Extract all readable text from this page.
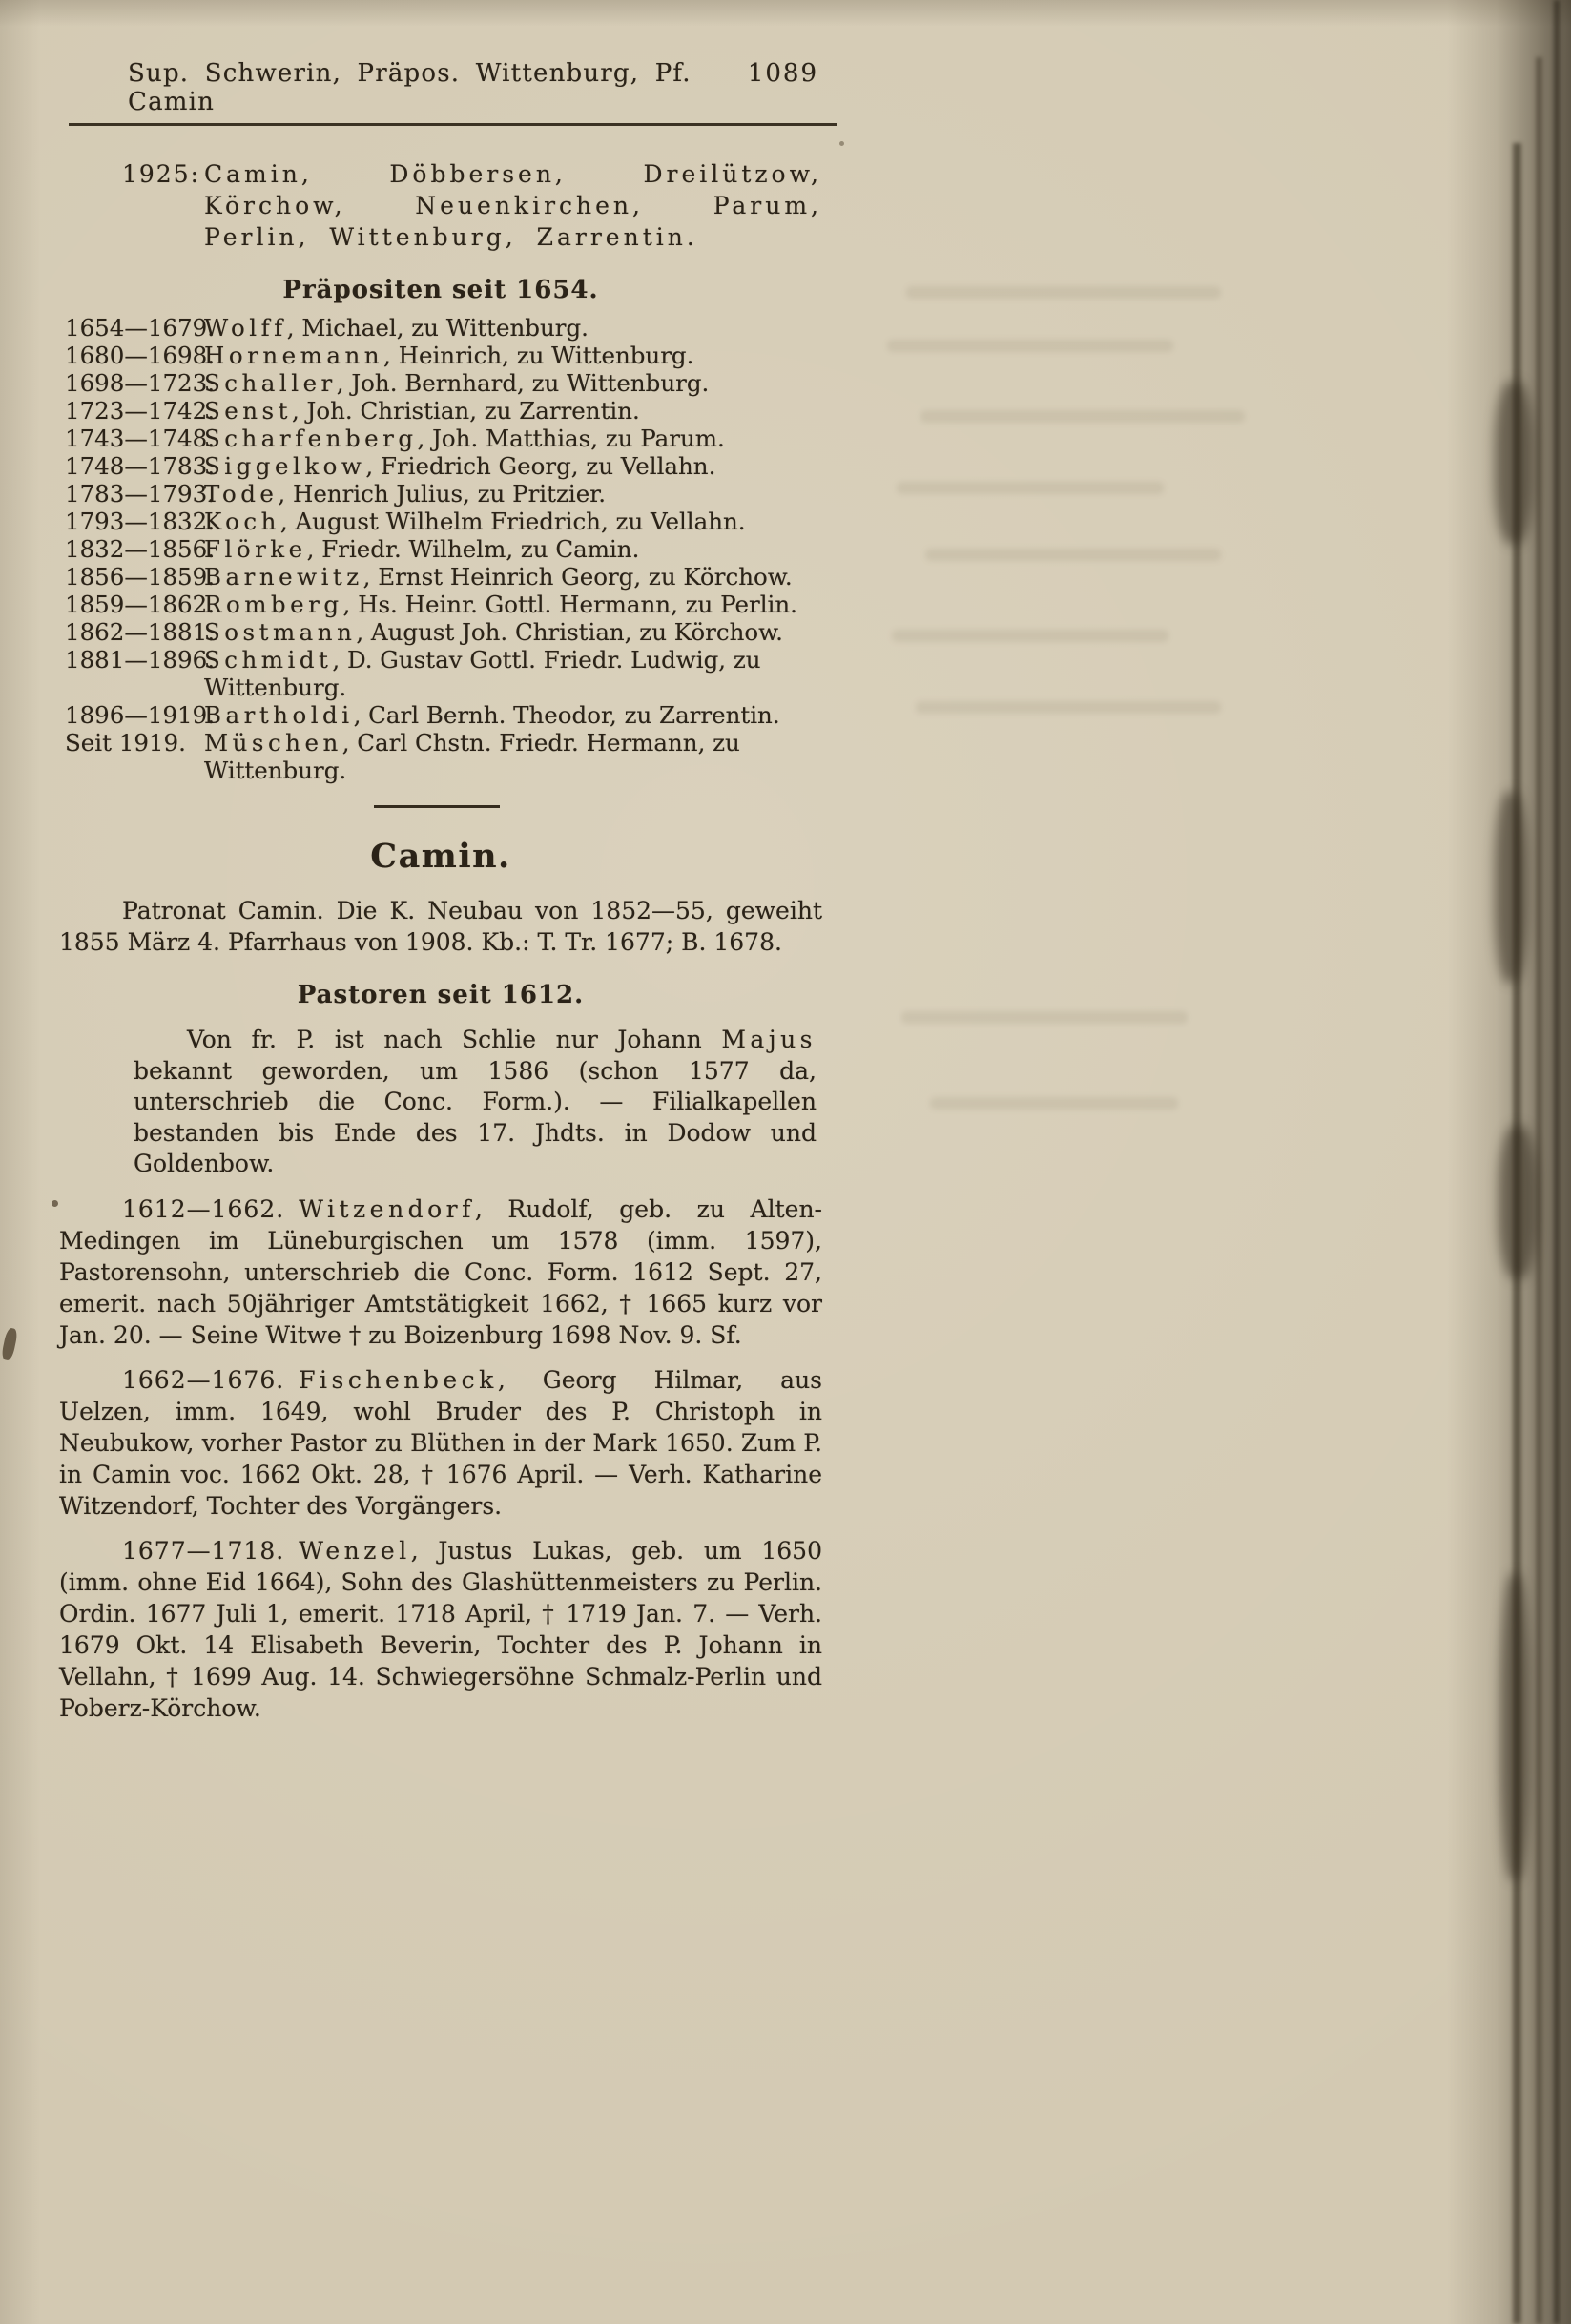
Sup. Schwerin, Präpos. Wittenburg, Pf. Camin
1089
1925: Camin, Döbbersen, Dreilützow, Körchow, Neuenkirchen, Parum, Perlin, Wittenburg, Zarrentin.
Präpositen seit 1654.
1654—1679.
Wolff, Michael, zu Wittenburg.
1680—1698.
Hornemann, Heinrich, zu Wittenburg.
1698—1723.
Schaller, Joh. Bernhard, zu Wittenburg.
1723—1742.
Senst, Joh. Christian, zu Zarrentin.
1743—1748.
Scharfenberg, Joh. Matthias, zu Parum.
1748—1783.
Siggelkow, Friedrich Georg, zu Vellahn.
1783—1793.
Tode, Henrich Julius, zu Pritzier.
1793—1832.
Koch, August Wilhelm Friedrich, zu Vellahn.
1832—1856.
Flörke, Friedr. Wilhelm, zu Camin.
1856—1859.
Barnewitz, Ernst Heinrich Georg, zu Körchow.
1859—1862.
Romberg, Hs. Heinr. Gottl. Hermann, zu Perlin.
1862—1881.
Sostmann, August Joh. Christian, zu Körchow.
1881—1896.
Schmidt, D. Gustav Gottl. Friedr. Ludwig, zu Wittenburg.
1896—1919.
Bartholdi, Carl Bernh. Theodor, zu Zarrentin.
Seit 1919. Müschen, Carl Chstn. Friedr. Hermann, zu Wittenburg.
Camin.

Patronat Camin. Die K. Neubau von 1852—55, geweiht 1855 März 4. Pfarrhaus von 1908. Kb.: T. Tr. 1677; B. 1678.

Pastoren seit 1612.

Von fr. P. ist nach Schlie nur Johann Majus bekannt geworden, um 1586 (schon 1577 da, unterschrieb die Conc. Form.). — Filialkapellen bestanden bis Ende des 17. Jhdts. in Dodow und Goldenbow.

1612—1662. Witzendorf, Rudolf, geb. zu Alten-Medingen im Lüneburgischen um 1578 (imm. 1597), Pastorensohn, unterschrieb die Conc. Form. 1612 Sept. 27, emerit. nach 50jähriger Amtstätigkeit 1662, † 1665 kurz vor Jan. 20. — Seine Witwe † zu Boizenburg 1698 Nov. 9. Sf.

1662—1676. Fischenbeck, Georg Hilmar, aus Uelzen, imm. 1649, wohl Bruder des P. Christoph in Neubukow, vorher Pastor zu Blüthen in der Mark 1650. Zum P. in Camin voc. 1662 Okt. 28, † 1676 April. — Verh. Katharine Witzendorf, Tochter des Vorgängers.

1677—1718. Wenzel, Justus Lukas, geb. um 1650 (imm. ohne Eid 1664), Sohn des Glashüttenmeisters zu Perlin. Ordin. 1677 Juli 1, emerit. 1718 April, † 1719 Jan. 7. — Verh. 1679 Okt. 14 Elisabeth Beverin, Tochter des P. Johann in Vellahn, † 1699 Aug. 14. Schwiegersöhne Schmalz-Perlin und Poberz-Körchow.
